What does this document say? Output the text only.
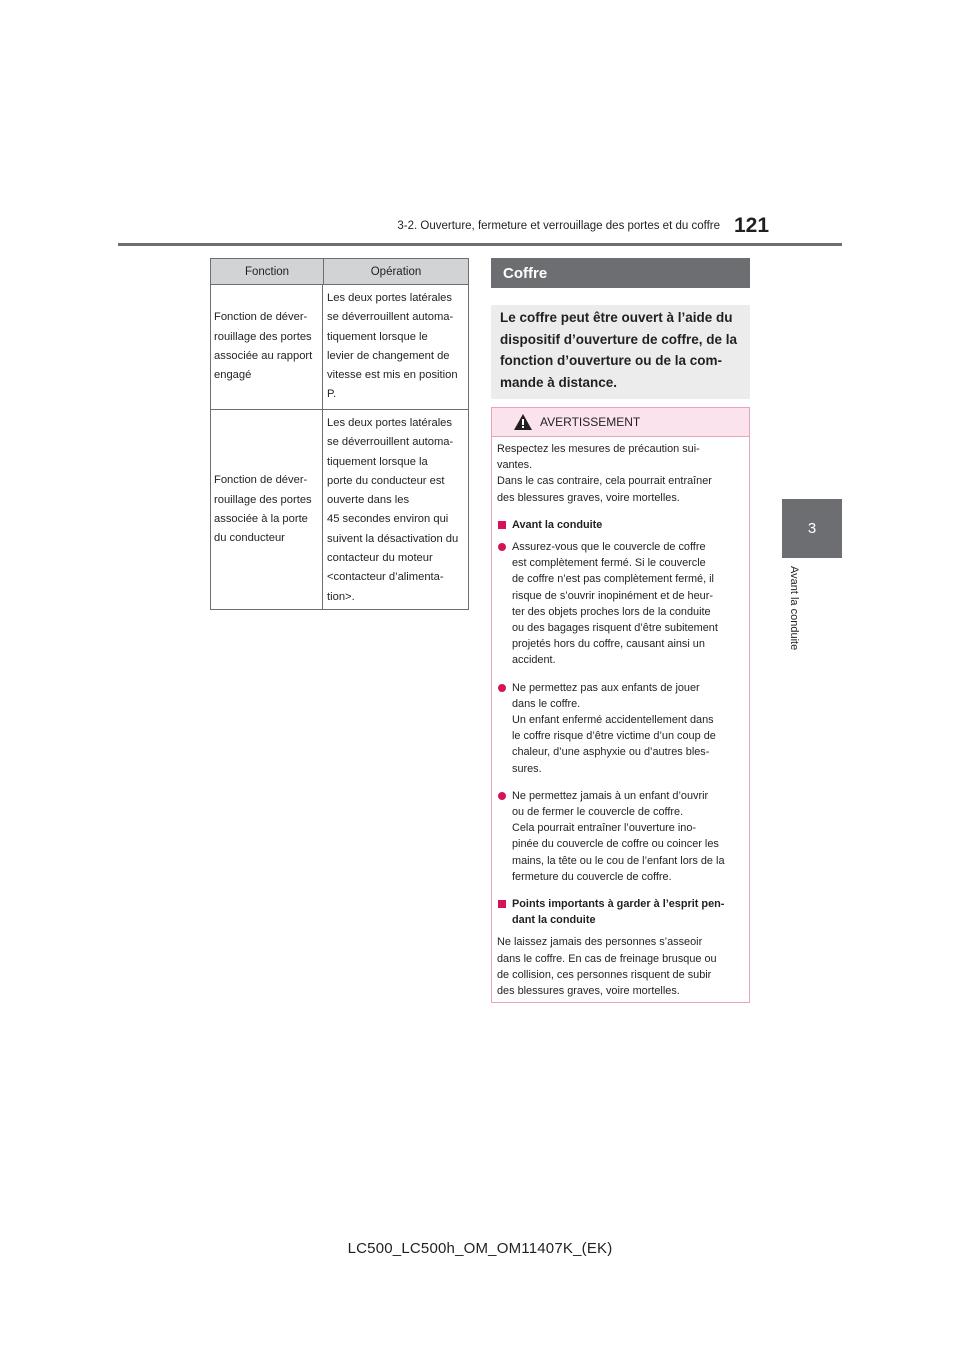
3-2. Ouverture, fermeture et verrouillage des portes et du coffre 121
3
Avant la conduite
Fonction	Opération
Fonction de déver-
rouillage des portes
associée au rapport
engagé
Les deux portes latérales
se déverrouillent automa-
tiquement lorsque le
levier de changement de
vitesse est mis en position
P.
Fonction de déver-
rouillage des portes
associée à la porte
du conducteur
Les deux portes latérales
se déverrouillent automa-
tiquement lorsque la
porte du conducteur est
ouverte dans les
45 secondes environ qui
suivent la désactivation du
contacteur du moteur
<contacteur d’alimenta-
tion>.
Coffre
Le coffre peut être ouvert à l’aide du
dispositif d’ouverture de coffre, de la
fonction d’ouverture ou de la com-
mande à distance.
AVERTISSEMENT
Respectez les mesures de précaution sui-
vantes.
Dans le cas contraire, cela pourrait entraîner
des blessures graves, voire mortelles.
Avant la conduite
Assurez-vous que le couvercle de coffre
est complètement fermé. Si le couvercle
de coffre n’est pas complètement fermé, il
risque de s’ouvrir inopinément et de heur-
ter des objets proches lors de la conduite
ou des bagages risquent d’être subitement
projetés hors du coffre, causant ainsi un
accident.
Ne permettez pas aux enfants de jouer
dans le coffre.
Un enfant enfermé accidentellement dans
le coffre risque d’être victime d’un coup de
chaleur, d’une asphyxie ou d’autres bles-
sures.
Ne permettez jamais à un enfant d’ouvrir
ou de fermer le couvercle de coffre.
Cela pourrait entraîner l’ouverture ino-
pinée du couvercle de coffre ou coincer les
mains, la tête ou le cou de l’enfant lors de la
fermeture du couvercle de coffre.
Points importants à garder à l’esprit pen-
dant la conduite
Ne laissez jamais des personnes s’asseoir
dans le coffre. En cas de freinage brusque ou
de collision, ces personnes risquent de subir
des blessures graves, voire mortelles.
LC500_LC500h_OM_OM11407K_(EK)
